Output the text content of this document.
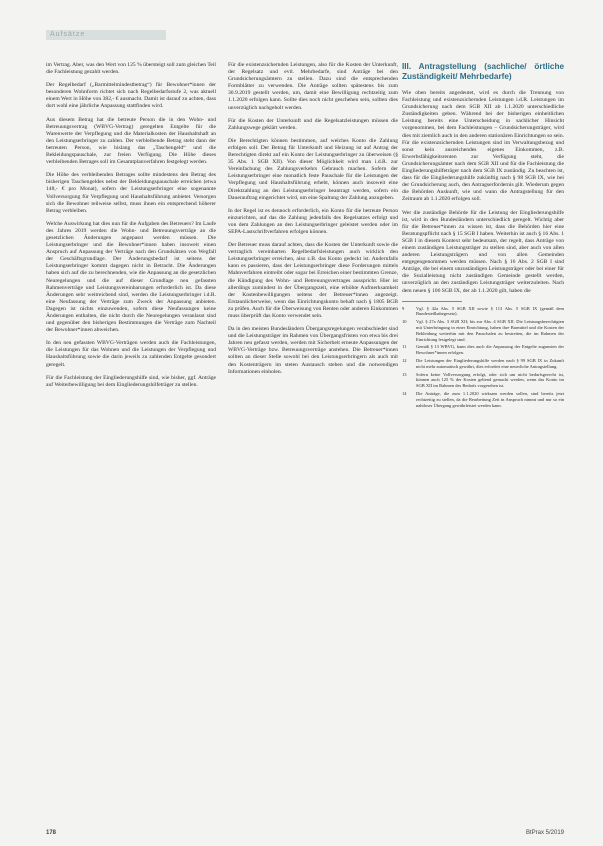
Aufsätze

im Vertrag. Aber, was den Wert von 125 % übersteigt soll zum gleichen Teil die Fachleistung gezahlt werden.

Der Regelbedarf („Barmittelmindestbetrag“) für Bewohner*innen der besonderen Wohnform richtet sich nach Regelbedarfsstufe 2, was aktuell einem Wert in Höhe von 382,- € ausmacht. Damit ist darauf zu achten, dass dort wohl eine jährliche Anpassung stattfinden wird.

Aus diesem Betrag hat die betreute Person die in den Wohn- und Betreuungsvertrag (WBVG-Vertrag) geregelten Entgelte für die Warenwerte der Verpflegung und die Materialkosten der Haushaltshaft an den Leistungserbringer zu zahlen. Der verbleibende Betrag steht dann der betreuten Person, wie bislang das „Taschengeld“ und die Bekleidungspauschale, zur freien Verfügung. Die Höhe dieses verbleibenden Betrages soll im Gesamtplanverfahren festgelegt werden.

Die Höhe des verbleibenden Betrages sollte mindestens den Betrag des bisherigen Taschengeldes nebst der Bekleidungspauschale erreichen (etwa 148,- € pro Monat), sofern der Leistungserbringer eine sogenannte Vollversorgung für Verpflegung und Haushaltsführung anbietet. Versorgen sich die Bewohner teilweise selbst, muss ihnen ein entsprechend höherer Betrag verbleiben.

Welche Auswirkung hat dies nun für die Aufgaben des Betreuers? Im Laufe des Jahres 2019 werden die Wohn- und Betreuungsverträge an die gesetzlichen Änderungen angepasst werden müssen. Die Leistungserbringer und die Bewohner*innen haben insoweit einen Anspruch auf Anpassung der Verträge nach den Grundsätzen von Wegfall der Geschäftsgrundlage. Der Änderungsbedarf ist seitens der Leistungserbringer kommt dagegen nicht in Betracht. Die Änderungen haben sich auf die zu berechnenden, wie die Anpassung an die gesetzlichen Neuregelungen und die auf dieser Grundlage neu gefassten Rahmenverträge und Leistungsvereinbarungen erforderlich ist. Da diese Änderungen sehr weitreichend sind, werden die Leistungserbringer i.d.R. eine Neufassung der Verträge zum Zweck der Anpassung anbieten. Dagegen ist nichts einzuwenden, sofern diese Neufassungen keine Änderungen enthalten, die nicht durch die Neuregelungen veranlasst sind und gegenüber den bisherigen Bestimmungen die Verträge zum Nachteil der Bewohner*innen abweichen.

In den neu gefassten WBVG-Verträgen werden auch die Fachleistungen, die Leistungen für das Wohnen und die Leistungen der Verpflegung und Haushaltsführung sowie die darin jeweils zu zahlenden Entgelte gesondert geregelt.

Für die Fachleistung der Eingliederungshilfe sind, wie bisher, ggf. Anträge auf Weiterbewilligung bei dem Eingliederungshilfeträger zu stellen.

Für die existenzsichernden Leistungen, also für die Kosten der Unterkunft, der Regelsatz und evtl. Mehrbedarfe, sind Anträge bei den Grundsicherungsämtern zu stellen. Dazu sind die entsprechenden Formblätter zu verwenden. Die Anträge sollten spätestens bis zum 30.9.2019 gestellt werden, um, damit eine Bewilligung rechtzeitig zum 1.1.2020 erfolgen kann. Sollte dies noch nicht geschehen sein, sollten dies unverzüglich nachgeholt werden.

Für die Kosten der Unterkunft und die Regelsatzleistungen müssen die Zahlungswege geklärt werden.

Die Berechtigten können bestimmen, auf welches Konto die Zahlung erfolgen soll. Der Betrag für Unterkunft und Heizung ist auf Antrag der Berechtigten direkt auf ein Konto der Leistungserbringer zu überweisen (§ 35 Abs. 1 SGB XII). Von dieser Möglichkeit wird man i.d.R. zur Vereinfachung des Zahlungsverkehrs Gebrauch machen. Sofern der Leistungserbringer eine monatlich feste Pauschale für die Leistungen der Verpflegung und Haushaltsführung erhebt, können auch insoweit eine Direktzahlung an den Leistungserbringer beantragt werden, sofern ein Dauerauftrag eingerichtet wird, um eine Spaltung der Zahlung anzugeben.

In der Regel ist es dennoch erforderlich, ein Konto für die betreute Person einzurichten, auf das die Zahlung jedenfalls des Regelsatzes erfolgt und von dem Zahlungen an den Leistungserbringer geleistet werden oder im SEPA-Lastschriftverfahren erfolgen können.

Der Betreuer muss darauf achten, dass die Kosten der Unterkunft sowie die vertraglich vereinbarten Regelbedarfsleistungen auch wirklich den Leistungserbringer erreichen, also z.B. das Konto gedeckt ist. Andernfalls kann es passieren, dass der Leistungserbringer diese Forderungen mittels Mahnverfahren eintreibt oder sogar bei Erreichen einer bestimmten Grenze, die Kündigung des Wohn- und Betreuungsvertrages ausspricht. Hier ist allerdings zumindest in der Übergangszeit, eine erhöhte Aufmerksamkeit der Kostenbewilligungen seitens der Betreuer*innen angezeigt. Erstaunlicherweise, wenn das Einrichtungskonto behaft nach § 1805 BGB zu prüfen. Auch für die Überweisung von Renten oder anderen Einkommen muss überprüft das Konto verwendet sein.

Da in den meisten Bundesländern Übergangsregelungen verabschiedet sind und die Leistungsträger im Rahmen von Übergangsfristen von etwa bis drei Jahren neu gefasst werden, werden mit Sicherheit erneute Anpassungen der WBVG-Verträge bzw. Betreuungsverträge anstehen. Die Betreuer*innen sollten an dieser Stelle sowohl bei den Leistungserbringern als auch mit den Kostenträgern im steten Austausch stehen und die notwendigen Informationen einholen.

III. Antragstellung (sachliche/ örtliche Zuständigkeit/ Mehrbedarfe)

Wie oben bereits angedeutet, wird es durch die Trennung von Fachleistung und existenzsichernden Leistungen i.d.R. Leistungen im Grundsicherung nach dem SGB XII ab 1.1.2020 unterschiedliche Zuständigkeiten geben. Während bei der bisherigen einheitlichen Leistung bereits eine Unterscheidung in sachlicher Hinsicht vorgenommen, bei dem Fachleistungen – Grundsicherungsträger, wird dies mit ziemlich auch in den anderen stationären Einrichtungen so sein. Für die existenzsichernden Leistungen sind im Verwaltungsbezug und sonst kein ausreichendes eigenes Einkommen, z.B. Erwerbsfähigkeitsrenten zur Verfügung steht, die Grundsicherungsämter nach dem SGB XII und für die Fachleistung die Eingliederungshilfeträger nach dem SGB IX zuständig. Zu beachten ist, dass für die Eingliederungshilfe zukünftig nach § 98 SGB IX, wie bei der Grundsicherung auch, den Antragserfordernis gilt. Wiederum gegen die Behörden Auskunft, wie und wann die Antragstellung für den Zeitraum ab 1.1.2020 erfolgen soll.

Wer die zuständige Behörde für die Leistung der Eingliederungshilfe ist, wird in den Bundesländern unterschiedlich geregelt. Wichtig aber für die Betreuer*innen zu wissen ist, dass die Behörden hier eine Beratungspflicht nach § 15 SGB I haben. Weiterhin ist auch § 16 Abs. 1 SGB I in diesem Kontext sehr bedeutsam, der regelt, dass Anträge von einem zuständigen Leistungsträger zu stellen sind, aber auch von allen anderen Leistungsträgern und von allen Gemeinden entgegengenommen werden müssen. Nach § 16 Abs. 2 SGB I sind Anträge, die bei einem unzuständigen Leistungsträger oder bei einer für die Sozialleistung nicht zuständigen Gemeinde gestellt werden, unverzüglich an den zuständigen Leistungsträger weiterzuleiten. Nach dem neuen § 106 SGB IX, der ab 1.1.2020 gilt, haben die

9	Vgl. § 42a Abs. 5 SGB XII sowie § 113 Abs. 5 SGB IX (gemäß dem Bundesteilhabegesetz).
10	Vgl. § 27a Abs. 3 SGB XII; bis zur Abs. 4 SGB XII. Die Leistungsberechtigten mit Unterbringung in einer Einrichtung, haben ihre Barmittel und die Kosten der Bekleidung weiterhin mit den Pauschalen zu bestreiten, die im Rahmen der Einrichtung festgelegt sind.
11	Gemäß § 13 WBVG, kann dies auch die Anpassung der Entgelte zugunsten der Bewohner*innen erfolgen.
12	Die Leistungen der Eingliederungshilfe werden nach § 99 SGB IX in Zukunft nicht mehr automatisch gewährt, dies erfordert eine neuerliche Antragstellung.
13	Sofern keine Vollversorgung erfolgt, oder sich um nicht bedarfsgerecht ist, können auch 125 % der Kosten geltend gemacht werden, wenn das Konto im SGB XII im Rahmen des Bedarfs vorgesehen ist.
14	Die Anträge, die zum 1.1.2020 wirksam werden sollen, sind bereits jetzt rechtzeitig zu stellen, da die Bearbeitung Zeit in Anspruch nimmt und nur so ein nahtloser Übergang gewährleistet werden kann.
178	BtPrax 5/2019
